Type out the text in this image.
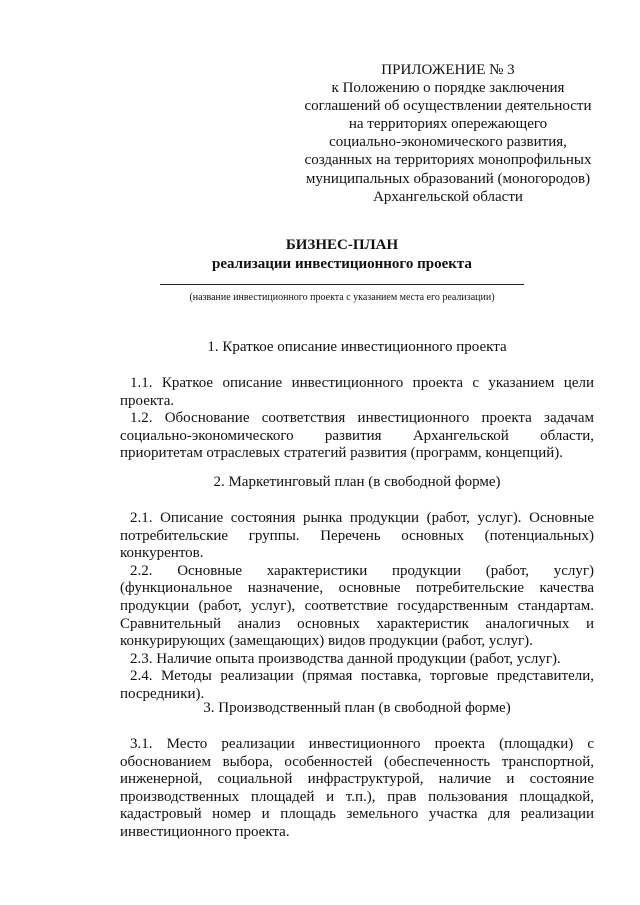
ПРИЛОЖЕНИЕ № 3
к Положению о порядке заключения
соглашений об осуществлении деятельности
на территориях опережающего
социально-экономического развития,
созданных на территориях монопрофильных
муниципальных образований (моногородов)
Архангельской области
БИЗНЕС-ПЛАН
реализации инвестиционного проекта
(название инвестиционного проекта с указанием места его реализации)
1. Краткое описание инвестиционного проекта

1.1. Краткое описание инвестиционного проекта с указанием цели проекта.

1.2. Обоснование соответствия инвестиционного проекта задачам социально-экономического развития Архангельской области, приоритетам отраслевых стратегий развития (программ, концепций).

2. Маркетинговый план (в свободной форме)

2.1. Описание состояния рынка продукции (работ, услуг). Основные потребительские группы. Перечень основных (потенциальных) конкурентов.

2.2. Основные характеристики продукции (работ, услуг) (функциональное назначение, основные потребительские качества продукции (работ, услуг), соответствие государственным стандартам. Сравнительный анализ основных характеристик аналогичных и конкурирующих (замещающих) видов продукции (работ, услуг).

2.3. Наличие опыта производства данной продукции (работ, услуг).

2.4. Методы реализации (прямая поставка, торговые представители, посредники).

3. Производственный план (в свободной форме)

3.1. Место реализации инвестиционного проекта (площадки) с обоснованием выбора, особенностей (обеспеченность транспортной, инженерной, социальной инфраструктурой, наличие и состояние производственных площадей и т.п.), прав пользования площадкой, кадастровый номер и площадь земельного участка для реализации инвестиционного проекта.
